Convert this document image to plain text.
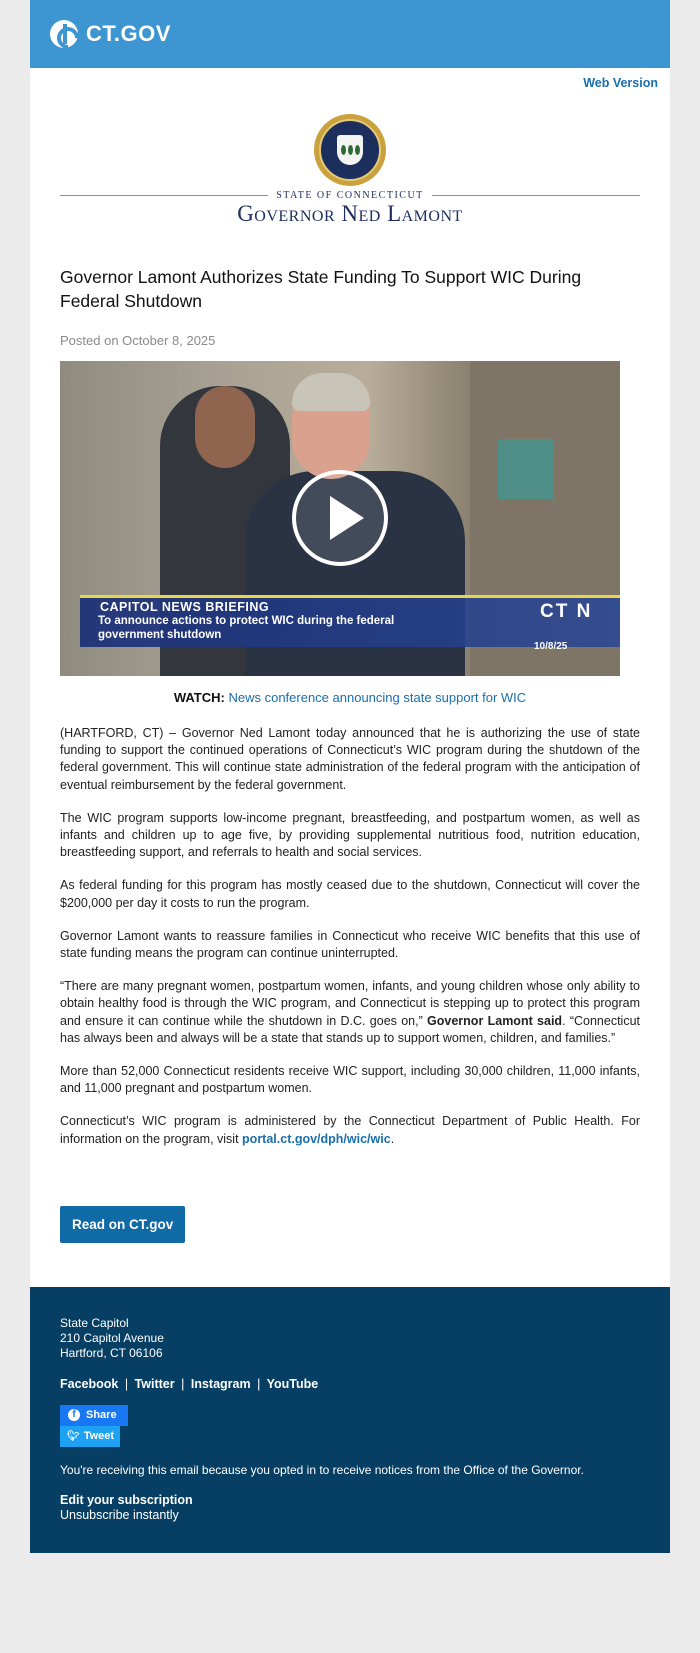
CT.GOV
Web Version
STATE OF CONNECTICUT
Governor Ned Lamont
Governor Lamont Authorizes State Funding To Support WIC During Federal Shutdown
Posted on October 8, 2025
CAPITOL NEWS BRIEFING
To announce actions to protect WIC during the federal government shutdown
CT N
10/8/25
WATCH: News conference announcing state support for WIC

(HARTFORD, CT) – Governor Ned Lamont today announced that he is authorizing the use of state funding to support the continued operations of Connecticut’s WIC program during the shutdown of the federal government. This will continue state administration of the federal program with the anticipation of eventual reimbursement by the federal government.

The WIC program supports low-income pregnant, breastfeeding, and postpartum women, as well as infants and children up to age five, by providing supplemental nutritious food, nutrition education, breastfeeding support, and referrals to health and social services.

As federal funding for this program has mostly ceased due to the shutdown, Connecticut will cover the $200,000 per day it costs to run the program.

Governor Lamont wants to reassure families in Connecticut who receive WIC benefits that this use of state funding means the program can continue uninterrupted.

“There are many pregnant women, postpartum women, infants, and young children whose only ability to obtain healthy food is through the WIC program, and Connecticut is stepping up to protect this program and ensure it can continue while the shutdown in D.C. goes on,” Governor Lamont said. “Connecticut has always been and always will be a state that stands up to support women, children, and families.”

More than 52,000 Connecticut residents receive WIC support, including 30,000 children, 11,000 infants, and 11,000 pregnant and postpartum women.

Connecticut’s WIC program is administered by the Connecticut Department of Public Health. For information on the program, visit portal.ct.gov/dph/wic/wic.

Read on CT.gov
State Capitol
210 Capitol Avenue
Hartford, CT 06106
Facebook | Twitter | Instagram | YouTube
f Share
🐦︎ Tweet
You're receiving this email because you opted in to receive notices from the Office of the Governor.
Edit your subscription
Unsubscribe instantly
